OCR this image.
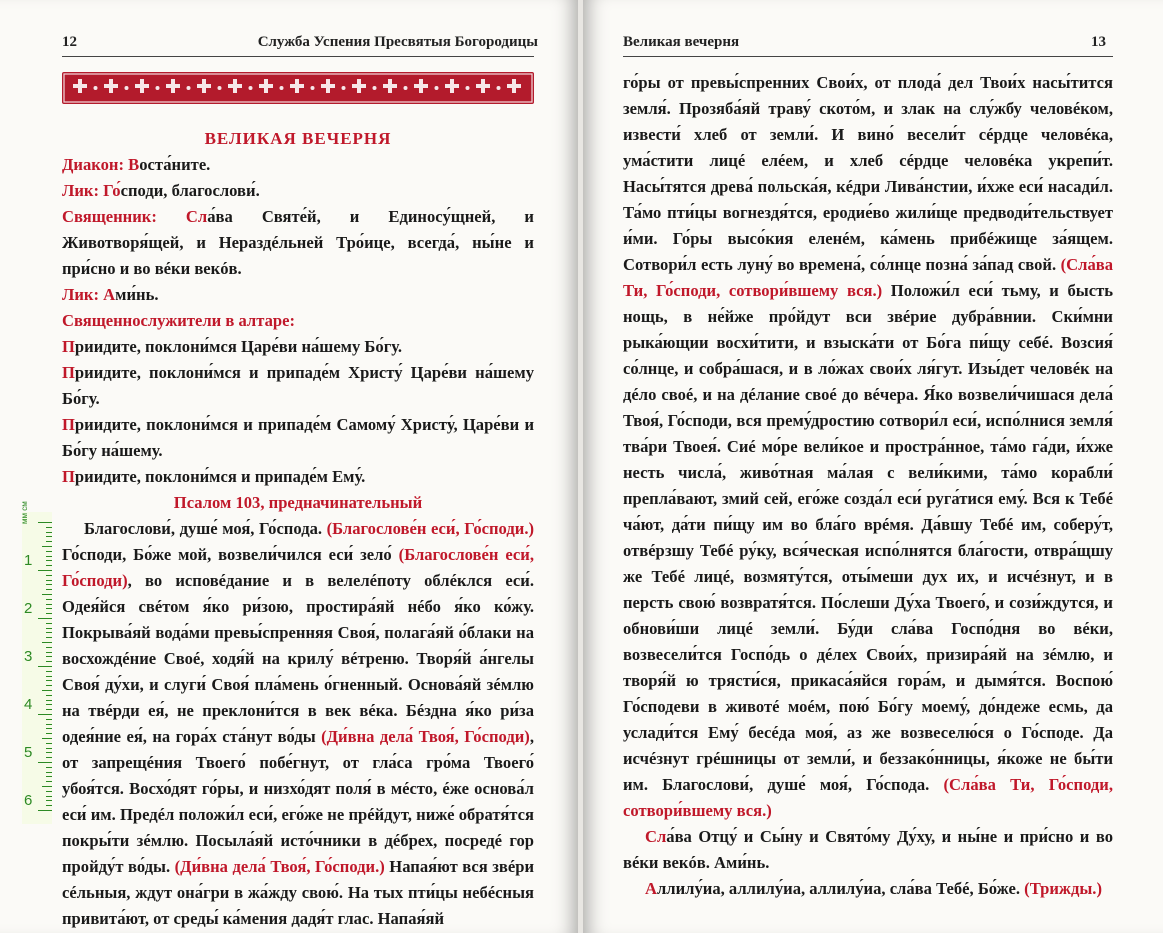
12	Служба Успения Пресвятыя Богородицы

ВЕЛИКАЯ ВЕЧЕРНЯ

Диакон: Воста́ните.

Лик: Го́споди, благослови́.

Священник: Сла́ва Святе́й, и Единосу́щней, и Животворя́щей, и Нераздéльней Тро́ице, всегда́, ны́не и при́сно и во вéки векóв.

Лик: Ами́нь.

Священнослужители в алтаре:

Приидите, поклони́мся Царе́ви на́шему Бо́гу.

Приидите, поклони́мся и припаде́м Христу́ Царе́ви на́шему Бо́гу.

Приидите, поклони́мся и припаде́м Самому́ Христу́, Царе́ви и Бо́гу на́шему.

Приидите, поклони́мся и припаде́м Ему́.

Псалом 103, предначинательный

Благослови́, душе́ моя́, Го́спода. (Благослове́н еси́, Го́споди.) Го́споди, Бо́же мой, возвели́чился еси́ зело́ (Благослове́н еси́, Го́споди), во исповéдание и в велелéпоту облéклся еси́. Одея́йся свéтом я́ко ри́зою, простира́яй нéбо я́ко ко́жу. Покрыва́яй вода́ми превы́спренняя Своя́, полага́яй о́блаки на восхождéние Своé, ходя́й на крилу́ вéтреню. Творя́й а́нгелы Своя́ ду́хи, и слуги́ Своя́ пла́мень о́гненный. Основа́яй зéмлю на твéрди ея́, не преклони́тся в век вéка. Бéздна я́ко ри́за одея́ние ея́, на гора́х ста́нут во́ды (Ди́вна дела́ Твоя́, Го́споди), от запрещéния Твоего́ побе́гнут, от гла́са гро́ма Твоего́ убоя́тся. Восхо́дят го́ры, и низхо́дят поля́ в мéсто, éже основа́л еси́ им. Предéл положи́л еси́, его́же не прéйдут, ниже́ обратя́тся покры́ти зéмлю. Посыла́яй исто́чники в дéбрех, посредé гор пройду́т во́ды. (Ди́вна дела́ Твоя́, Го́споди.) Напая́ют вся звéри сéльныя, ждут она́гри в жа́жду свою́. На тых пти́цы небéсныя привита́ют, от среды́ ка́мения дадя́т глас. Напая́яй

мм см
1
2
3
4
5
6
Великая вечерня	13

го́ры от превы́спренних Свои́х, от плода́ дел Твои́х насы́тится земля́. Прозяба́яй траву́ ското́м, и злак на слу́жбу человéком, извести́ хлеб от земли́. И вино́ весели́т сéрдце человéка, ума́стити лицé елéем, и хлеб сéрдце человéка укрепи́т. Насы́тятся древа́ польска́я, кéдри Лива́нстии, и́хже еси́ насади́л. Та́мо пти́цы вогнездя́тся, еродие́во жили́ще предводи́тельствует и́ми. Го́ры высо́кия еленéм, ка́мень прибéжище за́ящем. Сотвори́л есть луну́ во времена́, со́лнце позна́ за́пад свой. (Сла́ва Ти, Го́споди, сотвори́вшему вся.) Положи́л еси́ тьму, и бысть нощь, в не́йже про́йдут вси звéрие дубра́внии. Ски́мни рыка́ющии восхи́тити, и взыска́ти от Бо́га пи́щу себé. Возсия́ со́лнце, и собра́шася, и в ло́жах свои́х ля́гут. Изы́дет человéк на дéло своé, и на дéлание своé до вéчера. Я́ко возвели́чишася дела́ Твоя́, Го́споди, вся прему́дростию сотвори́л еси́, испо́лнися земля́ тва́ри Твоея́. Сиé мо́ре вели́кое и простра́нное, та́мо га́ди, и́хже несть числа́, живо́тная ма́лая с вели́кими, та́мо корабли́ препла́вают, змий сей, его́же созда́л еси́ руга́тися ему́. Вся к Тебé ча́ют, да́ти пи́щу им во бла́го врéмя. Да́вшу Тебé им, соберу́т, отвéрзшу Тебé ру́ку, вся́ческая испо́лнятся бла́гости, отвра́щшу же Тебé лицé, возмяту́тся, оты́меши дух их, и исчéзнут, и в персть свою́ возвратя́тся. По́слеши Ду́ха Твоего́, и сози́ждутся, и обнови́ши лицé земли́. Бу́ди сла́ва Госпо́дня во вéки, возвесели́тся Госпо́дь о дéлех Свои́х, призира́яй на зéмлю, и творя́й ю трясти́ся, прикаса́яйся гора́м, и дымя́тся. Воспою́ Го́сподеви в животé моéм, пою́ Бо́гу моему́, до́ндеже есмь, да услади́тся Ему́ бесéда моя́, аз же возвеселю́ся о Го́споде. Да исчéзнут грéшницы от земли́, и беззако́нницы, я́коже не бы́ти им. Благослови́, душе́ моя́, Го́спода. (Сла́ва Ти, Го́споди, сотвори́вшему вся.)

Сла́ва Отцу́ и Сы́ну и Свято́му Ду́ху, и ны́не и при́сно и во вéки векóв. Ами́нь.

Аллилу́иа, аллилу́иа, аллилу́иа, сла́ва Тебé, Бо́же. (Трижды.)
